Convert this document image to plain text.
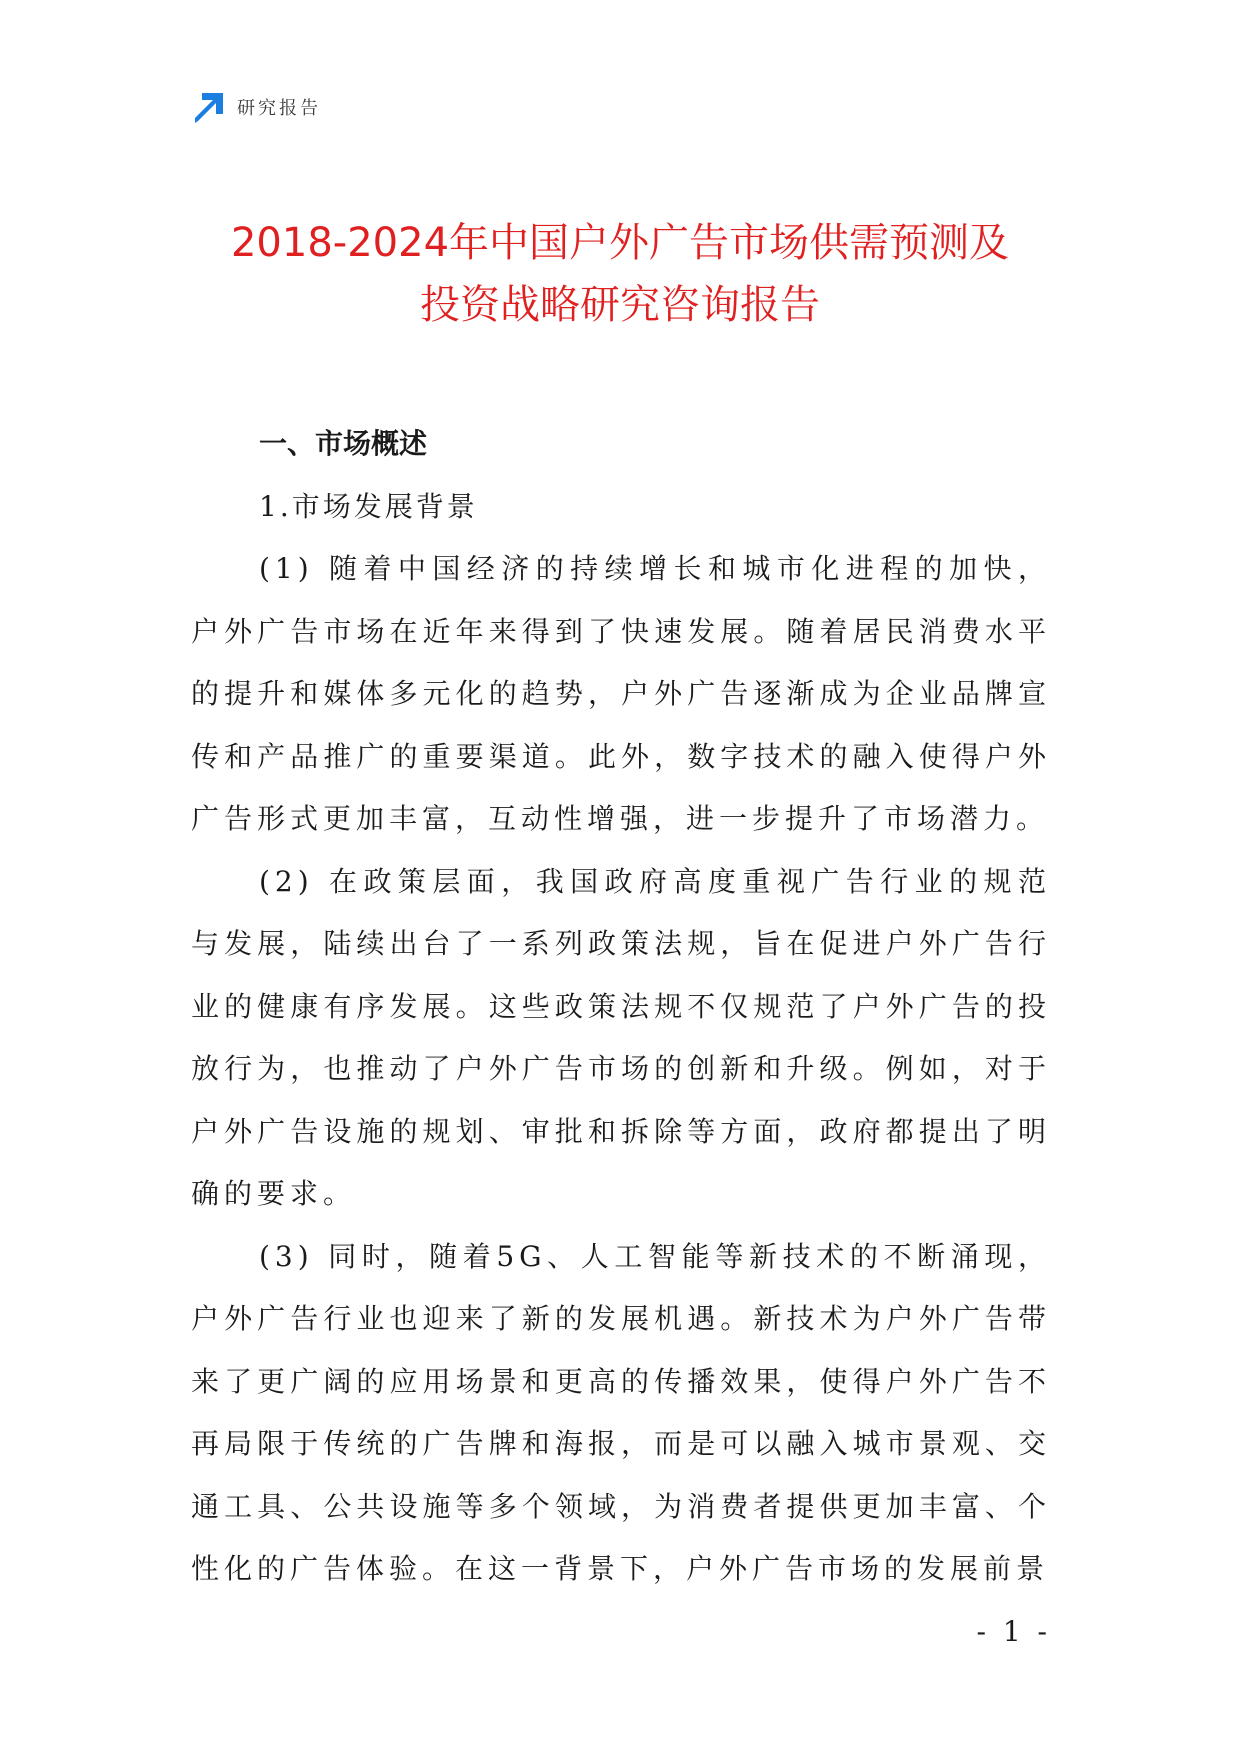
研究报告
2018-2024年中国户外广告市场供需预测及
投资战略研究咨询报告
一、市场概述

1.市场发展背景

(1) 随着中国经济的持续增长和城市化进程的加快，户外广告市场在近年来得到了快速发展。随着居民消费水平的提升和媒体多元化的趋势，户外广告逐渐成为企业品牌宣传和产品推广的重要渠道。此外，数字技术的融入使得户外广告形式更加丰富，互动性增强，进一步提升了市场潜力。

(2) 在政策层面，我国政府高度重视广告行业的规范与发展，陆续出台了一系列政策法规，旨在促进户外广告行业的健康有序发展。这些政策法规不仅规范了户外广告的投放行为，也推动了户外广告市场的创新和升级。例如，对于户外广告设施的规划、审批和拆除等方面，政府都提出了明确的要求。

(3) 同时，随着5G、人工智能等新技术的不断涌现，户外广告行业也迎来了新的发展机遇。新技术为户外广告带来了更广阔的应用场景和更高的传播效果，使得户外广告不再局限于传统的广告牌和海报，而是可以融入城市景观、交通工具、公共设施等多个领域，为消费者提供更加丰富、个性化的广告体验。在这一背景下，户外广告市场的发展前景

- 1 -
